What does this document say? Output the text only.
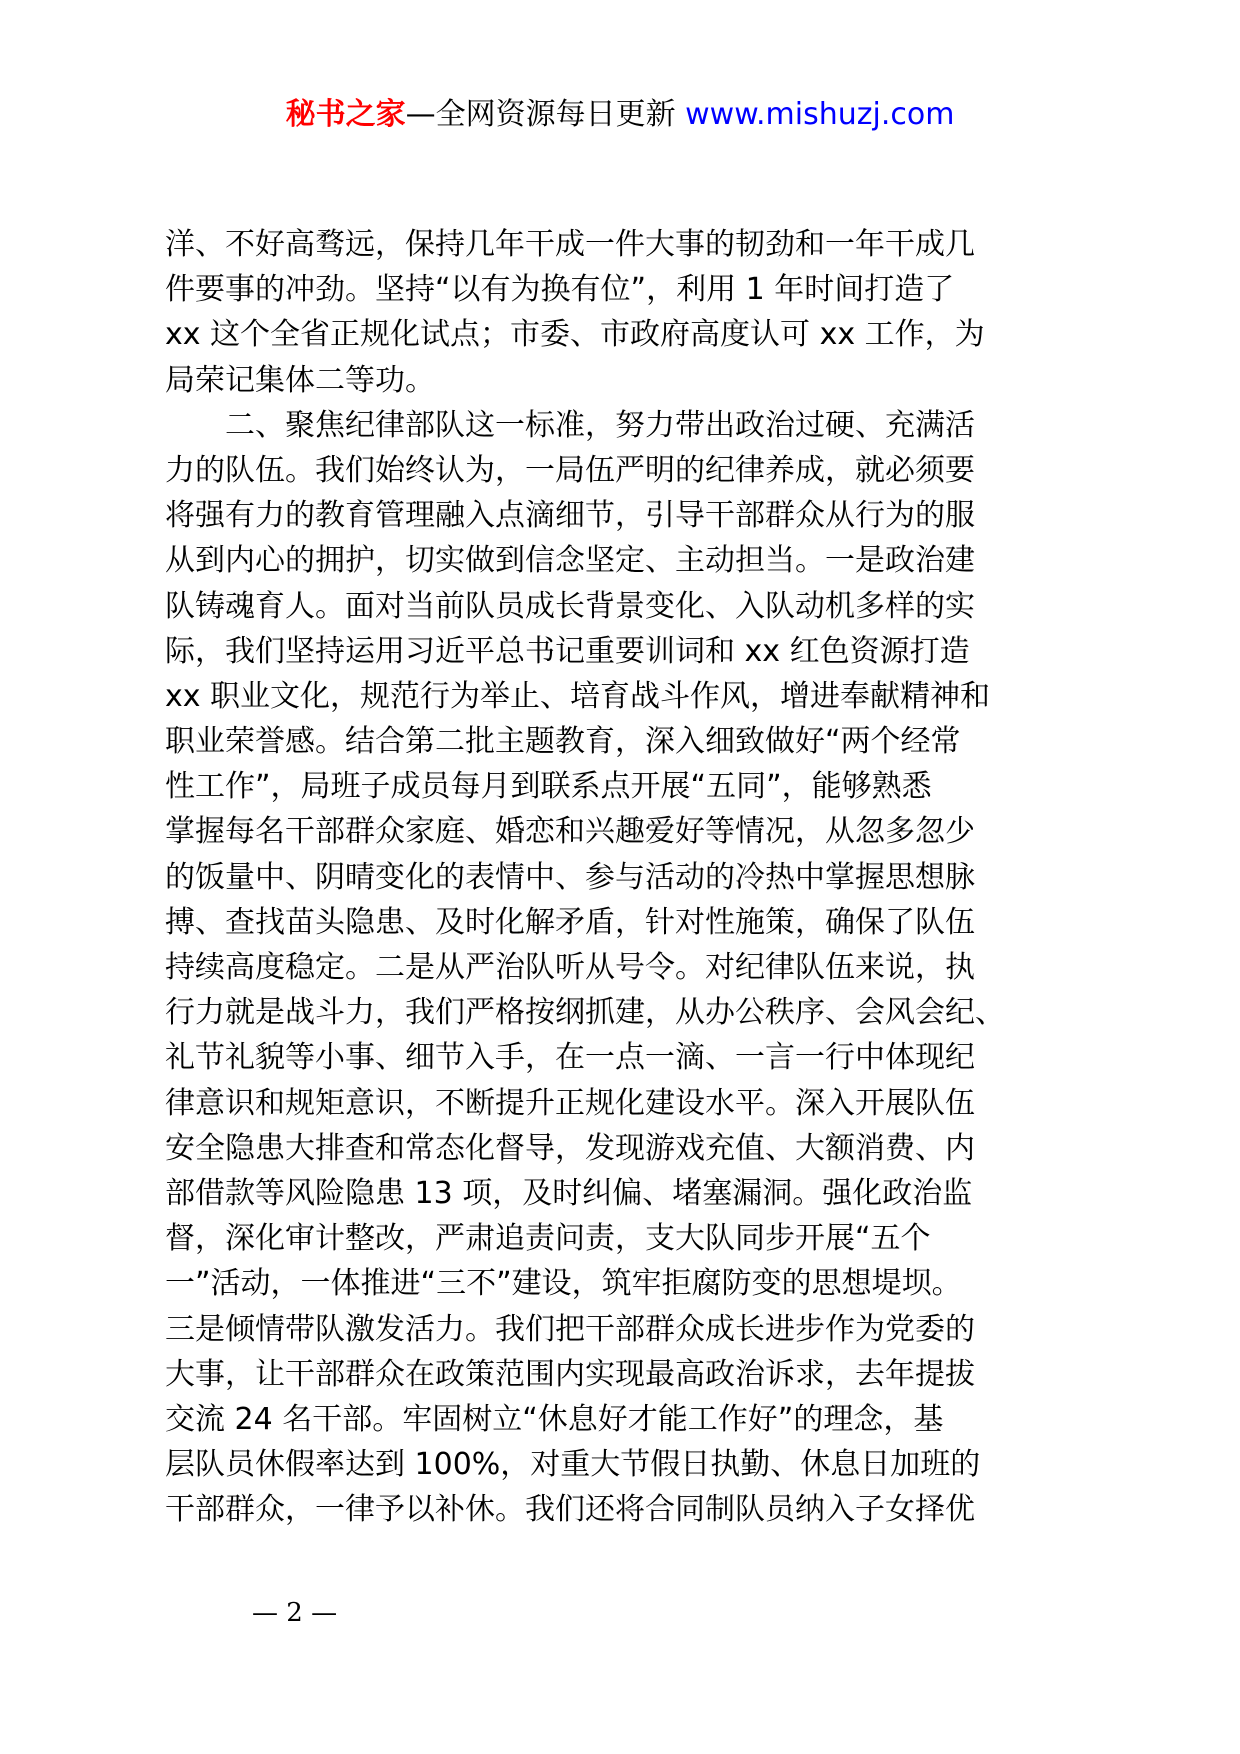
秘书之家—全网资源每日更新 www.mishuzj.com
洋、不好高骛远，保持几年干成一件大事的韧劲和一年干成几
件要事的冲劲。坚持“以有为换有位”，利用 1 年时间打造了
xx 这个全省正规化试点；市委、市政府高度认可 xx 工作，为
局荣记集体二等功。
　　二、聚焦纪律部队这一标准，努力带出政治过硬、充满活
力的队伍。我们始终认为，一局伍严明的纪律养成，就必须要
将强有力的教育管理融入点滴细节，引导干部群众从行为的服
从到内心的拥护，切实做到信念坚定、主动担当。一是政治建
队铸魂育人。面对当前队员成长背景变化、入队动机多样的实
际，我们坚持运用习近平总书记重要训词和 xx 红色资源打造
xx 职业文化，规范行为举止、培育战斗作风，增进奉献精神和
职业荣誉感。结合第二批主题教育，深入细致做好“两个经常
性工作”，局班子成员每月到联系点开展“五同”，能够熟悉
掌握每名干部群众家庭、婚恋和兴趣爱好等情况，从忽多忽少
的饭量中、阴晴变化的表情中、参与活动的冷热中掌握思想脉
搏、查找苗头隐患、及时化解矛盾，针对性施策，确保了队伍
持续高度稳定。二是从严治队听从号令。对纪律队伍来说，执
行力就是战斗力，我们严格按纲抓建，从办公秩序、会风会纪、
礼节礼貌等小事、细节入手，在一点一滴、一言一行中体现纪
律意识和规矩意识，不断提升正规化建设水平。深入开展队伍
安全隐患大排查和常态化督导，发现游戏充值、大额消费、内
部借款等风险隐患 13 项，及时纠偏、堵塞漏洞。强化政治监
督，深化审计整改，严肃追责问责，支大队同步开展“五个
一”活动，一体推进“三不”建设，筑牢拒腐防变的思想堤坝。
三是倾情带队激发活力。我们把干部群众成长进步作为党委的
大事，让干部群众在政策范围内实现最高政治诉求，去年提拔
交流 24 名干部。牢固树立“休息好才能工作好”的理念，基
层队员休假率达到 100%，对重大节假日执勤、休息日加班的
干部群众，一律予以补休。我们还将合同制队员纳入子女择优
— 2 —
